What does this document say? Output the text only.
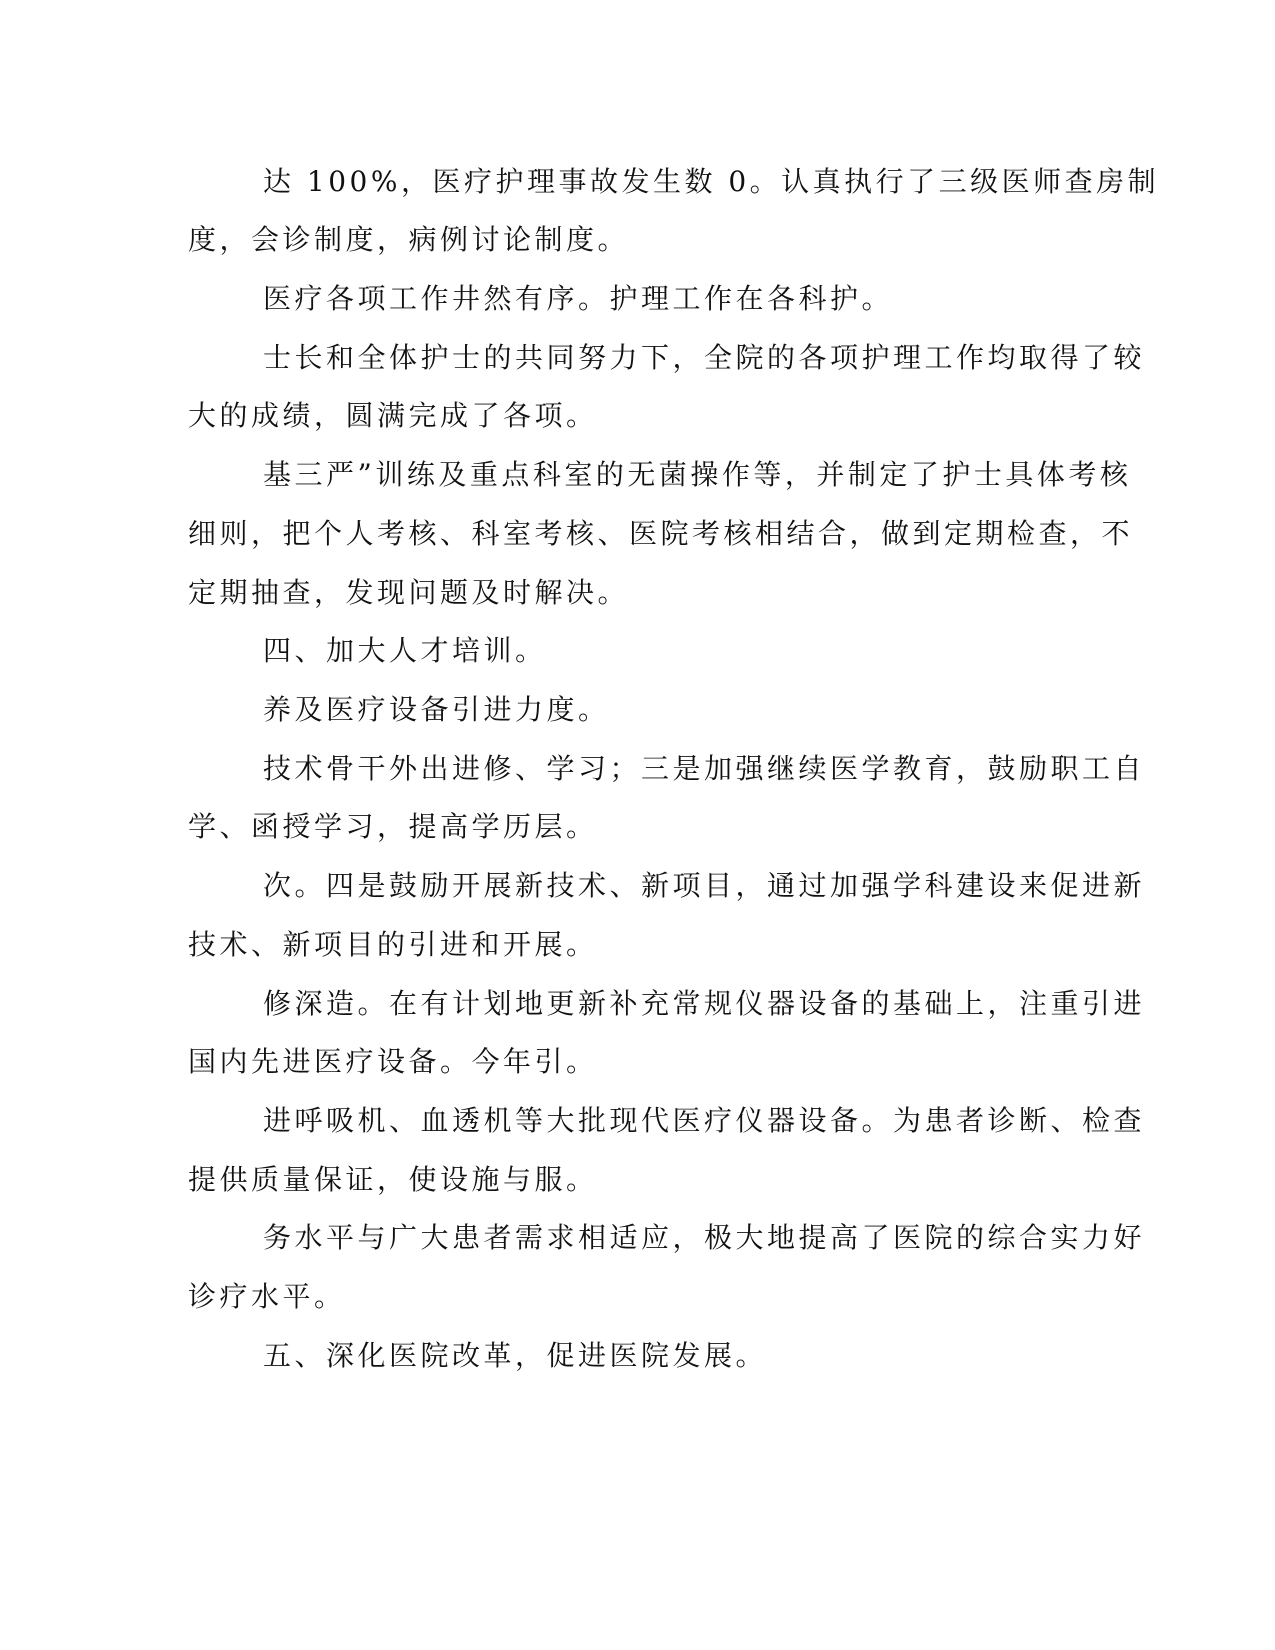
达 100%，医疗护理事故发生数 0。认真执行了三级医师查房制
度，会诊制度，病例讨论制度。
医疗各项工作井然有序。护理工作在各科护。
士长和全体护士的共同努力下，全院的各项护理工作均取得了较
大的成绩，圆满完成了各项。
基三严”训练及重点科室的无菌操作等，并制定了护士具体考核
细则，把个人考核、科室考核、医院考核相结合，做到定期检查，不
定期抽查，发现问题及时解决。
四、加大人才培训。
养及医疗设备引进力度。
技术骨干外出进修、学习；三是加强继续医学教育，鼓励职工自
学、函授学习，提高学历层。
次。四是鼓励开展新技术、新项目，通过加强学科建设来促进新
技术、新项目的引进和开展。
修深造。在有计划地更新补充常规仪器设备的基础上，注重引进
国内先进医疗设备。今年引。
进呼吸机、血透机等大批现代医疗仪器设备。为患者诊断、检查
提供质量保证，使设施与服。
务水平与广大患者需求相适应，极大地提高了医院的综合实力好
诊疗水平。
五、深化医院改革，促进医院发展。
